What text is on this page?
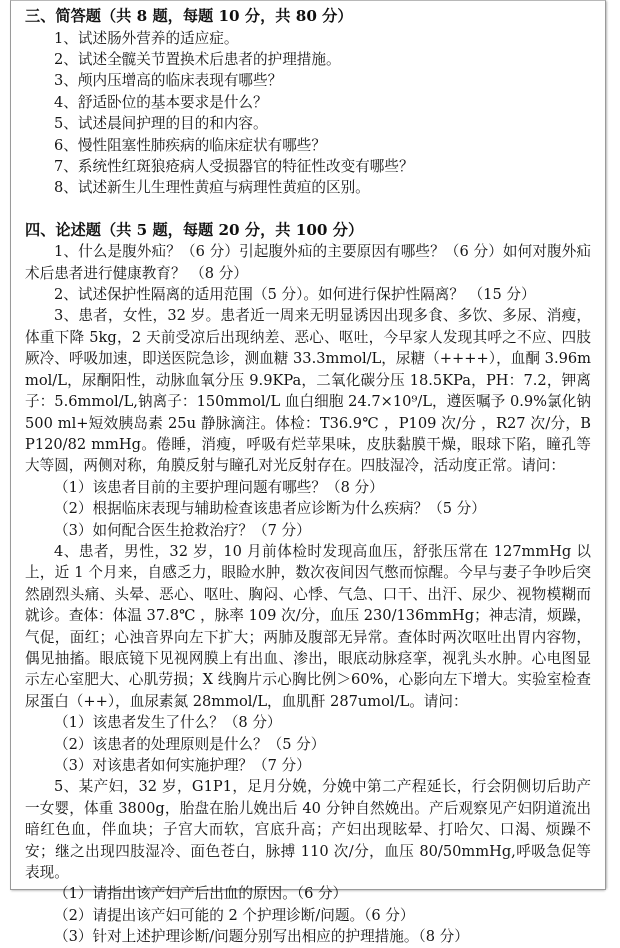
三、简答题（共 8 题，每题 10 分，共 80 分）
1、试述肠外营养的适应症。
2、试述全髋关节置换术后患者的护理措施。
3、颅内压增高的临床表现有哪些？
4、舒适卧位的基本要求是什么？
5、试述晨间护理的目的和内容。
6、慢性阻塞性肺疾病的临床症状有哪些？
7、系统性红斑狼疮病人受损器官的特征性改变有哪些？
8、试述新生儿生理性黄疸与病理性黄疸的区别。
四、论述题（共 5 题，每题 20 分，共 100 分）
1、什么是腹外疝？（6 分）引起腹外疝的主要原因有哪些？（6 分）如何对腹外疝术后患者进行健康教育？ （8 分）
2、试述保护性隔离的适用范围（5 分）。如何进行保护性隔离？ （15 分）
3、患者，女性，32 岁。患者近一周来无明显诱因出现多食、多饮、多尿、消瘦，体重下降 5kg，2 天前受凉后出现纳差、恶心、呕吐，今早家人发现其呼之不应、四肢厥冷、呼吸加速，即送医院急诊，测血糖 33.3mmol/L，尿糖（++++），血酮 3.96mmol/L，尿酮阳性，动脉血氧分压 9.9KPa，二氧化碳分压 18.5KPa，PH：7.2，钾离子：5.6mmol/L,钠离子：150mmol/L 血白细胞 24.7×10⁹/L，遵医嘱予 0.9%氯化钠 500 ml+短效胰岛素 25u 静脉滴注。体检：T36.9℃ ，P109 次/分 ，R27 次/分，BP120/82 mmHg。倦睡，消瘦，呼吸有烂苹果味，皮肤黏膜干燥，眼球下陷，瞳孔等大等圆，两侧对称，角膜反射与瞳孔对光反射存在。四肢湿冷，活动度正常。请问：
（1）该患者目前的主要护理问题有哪些？（8 分）
（2）根据临床表现与辅助检查该患者应诊断为什么疾病？（5 分）
（3）如何配合医生抢救治疗？（7 分）
4、患者，男性，32 岁，10 月前体检时发现高血压，舒张压常在 127mmHg 以上，近 1 个月来，自感乏力，眼睑水肿，数次夜间因气憋而惊醒。今早与妻子争吵后突然剧烈头痛、头晕、恶心、呕吐、胸闷、心悸、气急、口干、出汗、尿少、视物模糊而就诊。查体：体温 37.8℃ ，脉率 109 次/分，血压 230/136mmHg；神志清，烦躁，气促，面红；心浊音界向左下扩大；两肺及腹部无异常。查体时两次呕吐出胃内容物，偶见抽搐。眼底镜下见视网膜上有出血、渗出，眼底动脉痉挛，视乳头水肿。心电图显示左心室肥大、心肌劳损；X 线胸片示心胸比例＞60%，心影向左下增大。实验室检查尿蛋白（++），血尿素氮 28mmol/L，血肌酐 287umol/L。请问：
（1）该患者发生了什么？（8 分）
（2）该患者的处理原则是什么？（5 分）
（3）对该患者如何实施护理？（7 分）
5、某产妇，32 岁，G1P1，足月分娩，分娩中第二产程延长，行会阴侧切后助产一女婴，体重 3800g，胎盘在胎儿娩出后 40 分钟自然娩出。产后观察见产妇阴道流出暗红色血，伴血块；子宫大而软，宫底升高；产妇出现眩晕、打哈欠、口渴、烦躁不安；继之出现四肢湿冷、面色苍白，脉搏 110 次/分，血压 80/50mmHg,呼吸急促等表现。
（1）请指出该产妇产后出血的原因。（6 分）
（2）请提出该产妇可能的 2 个护理诊断/问题。（6 分）
（3）针对上述护理诊断/问题分别写出相应的护理措施。（8 分）
